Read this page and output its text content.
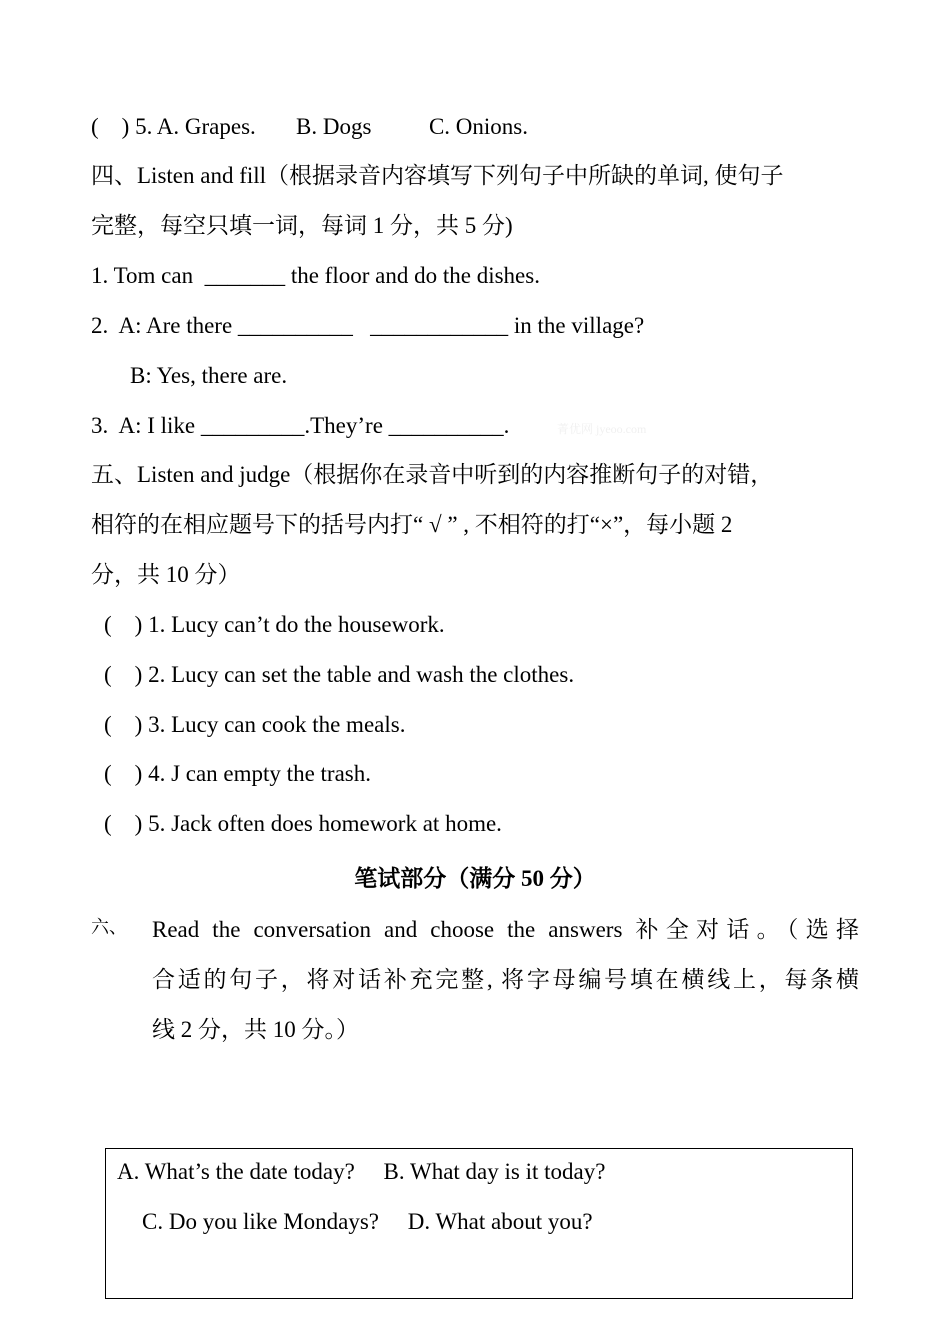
(    ) 5. A. Grapes.       B. Dogs          C. Onions.
四、Listen and fill（根据录音内容填写下列句子中所缺的单词, 使句子
完整，每空只填一词，每词 1 分，共 5 分)
1. Tom can  _______ the floor and do the dishes.
2.  A: Are there __________   ____________ in the village?
B: Yes, there are.
3.  A: I like _________.They’re __________.	菁优网 jyeoo.com
五、Listen and judge（根据你在录音中听到的内容推断句子的对错，
相符的在相应题号下的括号内打“ √ ” , 不相符的打“×”，每小题 2
分，共 10 分）
(    ) 1. Lucy can’t do the housework.
(    ) 2. Lucy can set the table and wash the clothes.
(    ) 3. Lucy can cook the meals.
(    ) 4. J can empty the trash.
(    ) 5. Jack often does homework at home.
笔试部分（满分 50 分）
六、 Read the conversation and choose the answers 补全对话。（选择
合适的句子，将对话补充完整, 将字母编号填在横线上，每条横
线 2 分，共 10 分。）
A. What’s the date today?     B. What day is it today?
C. Do you like Mondays?     D. What about you?
